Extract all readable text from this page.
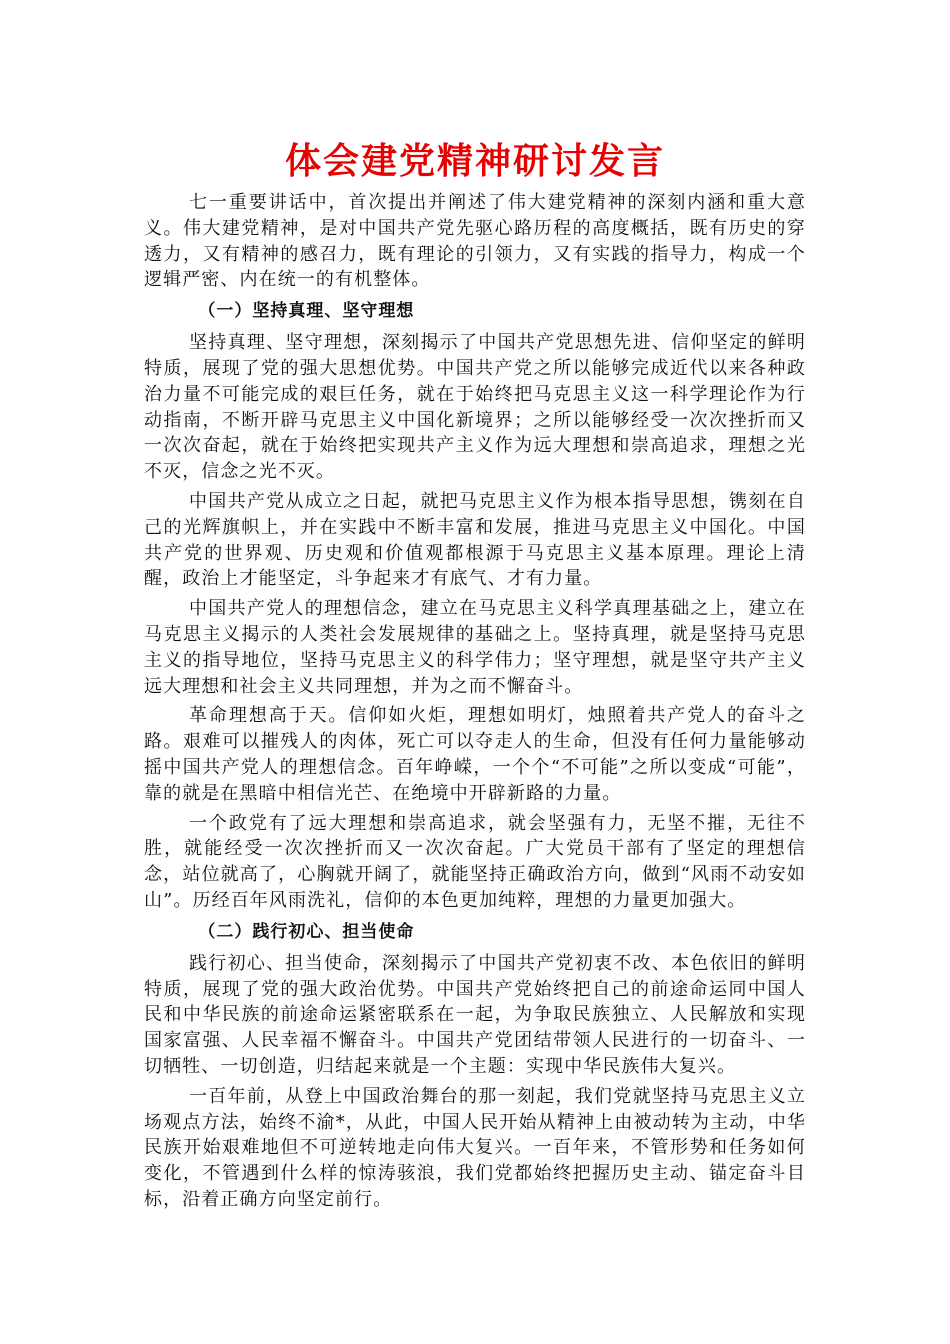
体会建党精神研讨发言

七一重要讲话中，首次提出并阐述了伟大建党精神的深刻内涵和重大意义。伟大建党精神，是对中国共产党先驱心路历程的高度概括，既有历史的穿透力，又有精神的感召力，既有理论的引领力，又有实践的指导力，构成一个逻辑严密、内在统一的有机整体。

（一）坚持真理、坚守理想

坚持真理、坚守理想，深刻揭示了中国共产党思想先进、信仰坚定的鲜明特质，展现了党的强大思想优势。中国共产党之所以能够完成近代以来各种政治力量不可能完成的艰巨任务，就在于始终把马克思主义这一科学理论作为行动指南，不断开辟马克思主义中国化新境界；之所以能够经受一次次挫折而又一次次奋起，就在于始终把实现共产主义作为远大理想和崇高追求，理想之光不灭，信念之光不灭。

中国共产党从成立之日起，就把马克思主义作为根本指导思想，镌刻在自己的光辉旗帜上，并在实践中不断丰富和发展，推进马克思主义中国化。中国共产党的世界观、历史观和价值观都根源于马克思主义基本原理。理论上清醒，政治上才能坚定，斗争起来才有底气、才有力量。

中国共产党人的理想信念，建立在马克思主义科学真理基础之上，建立在马克思主义揭示的人类社会发展规律的基础之上。坚持真理，就是坚持马克思主义的指导地位，坚持马克思主义的科学伟力；坚守理想，就是坚守共产主义远大理想和社会主义共同理想，并为之而不懈奋斗。

革命理想高于天。信仰如火炬，理想如明灯，烛照着共产党人的奋斗之路。艰难可以摧残人的肉体，死亡可以夺走人的生命，但没有任何力量能够动摇中国共产党人的理想信念。百年峥嵘，一个个“不可能”之所以变成“可能”，靠的就是在黑暗中相信光芒、在绝境中开辟新路的力量。

一个政党有了远大理想和崇高追求，就会坚强有力，无坚不摧，无往不胜，就能经受一次次挫折而又一次次奋起。广大党员干部有了坚定的理想信念，站位就高了，心胸就开阔了，就能坚持正确政治方向，做到“风雨不动安如山”。历经百年风雨洗礼，信仰的本色更加纯粹，理想的力量更加强大。

（二）践行初心、担当使命

践行初心、担当使命，深刻揭示了中国共产党初衷不改、本色依旧的鲜明特质，展现了党的强大政治优势。中国共产党始终把自己的前途命运同中国人民和中华民族的前途命运紧密联系在一起，为争取民族独立、人民解放和实现国家富强、人民幸福不懈奋斗。中国共产党团结带领人民进行的一切奋斗、一切牺牲、一切创造，归结起来就是一个主题：实现中华民族伟大复兴。

一百年前，从登上中国政治舞台的那一刻起，我们党就坚持马克思主义立场观点方法，始终不渝*，从此，中国人民开始从精神上由被动转为主动，中华民族开始艰难地但不可逆转地走向伟大复兴。一百年来，不管形势和任务如何变化，不管遇到什么样的惊涛骇浪，我们党都始终把握历史主动、锚定奋斗目标，沿着正确方向坚定前行。
